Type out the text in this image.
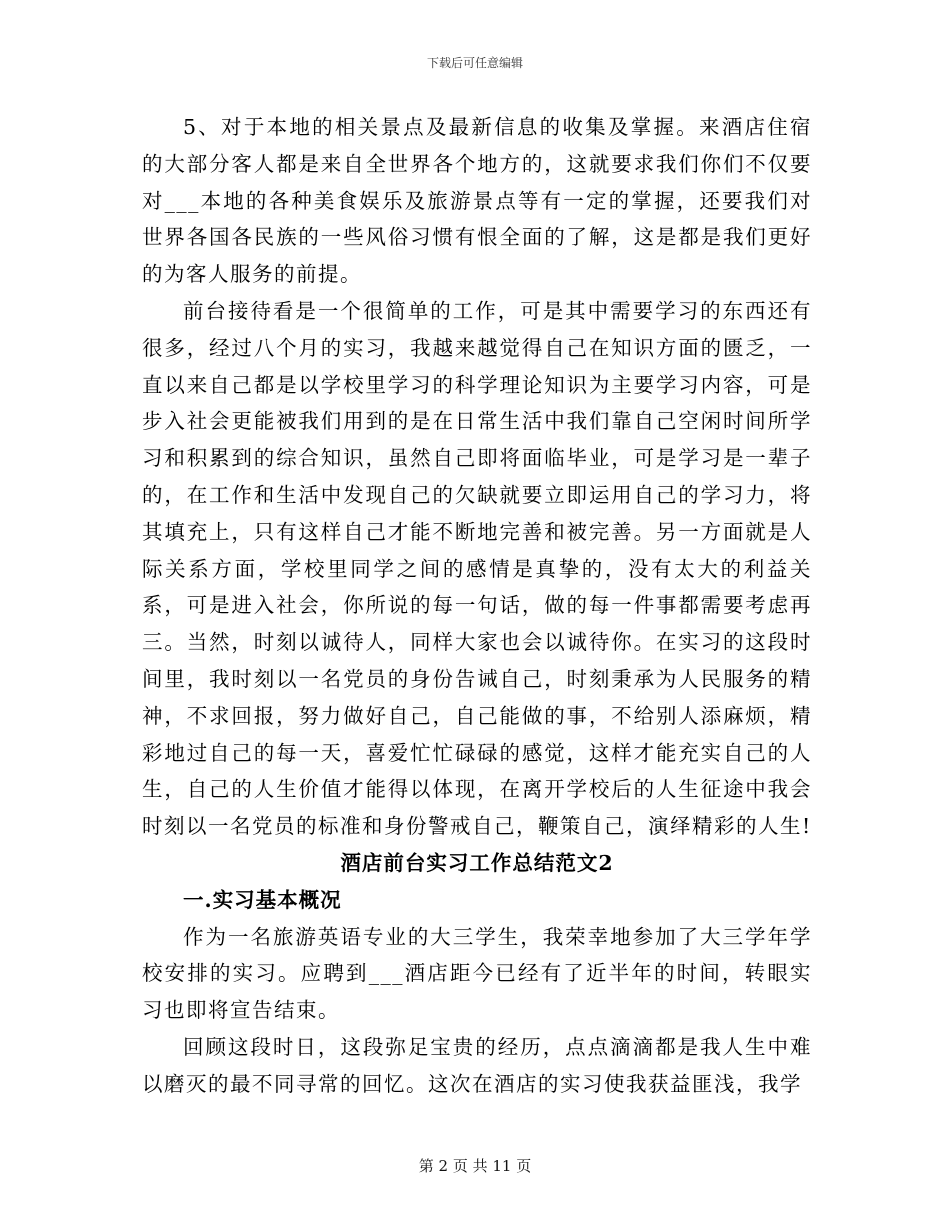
下载后可任意编辑

5、对于本地的相关景点及最新信息的收集及掌握。来酒店住宿的大部分客人都是来自全世界各个地方的，这就要求我们你们不仅要对___本地的各种美食娱乐及旅游景点等有一定的掌握，还要我们对世界各国各民族的一些风俗习惯有恨全面的了解，这是都是我们更好的为客人服务的前提。

前台接待看是一个很简单的工作，可是其中需要学习的东西还有很多，经过八个月的实习，我越来越觉得自己在知识方面的匮乏，一直以来自己都是以学校里学习的科学理论知识为主要学习内容，可是步入社会更能被我们用到的是在日常生活中我们靠自己空闲时间所学习和积累到的综合知识，虽然自己即将面临毕业，可是学习是一辈子的，在工作和生活中发现自己的欠缺就要立即运用自己的学习力，将其填充上，只有这样自己才能不断地完善和被完善。另一方面就是人际关系方面，学校里同学之间的感情是真挚的，没有太大的利益关系，可是进入社会，你所说的每一句话，做的每一件事都需要考虑再三。当然，时刻以诚待人，同样大家也会以诚待你。在实习的这段时间里，我时刻以一名党员的身份告诫自己，时刻秉承为人民服务的精神，不求回报，努力做好自己，自己能做的事，不给别人添麻烦，精彩地过自己的每一天，喜爱忙忙碌碌的感觉，这样才能充实自己的人生，自己的人生价值才能得以体现，在离开学校后的人生征途中我会时刻以一名党员的标准和身份警戒自己，鞭策自己，演绎精彩的人生!

酒店前台实习工作总结范文2

一.实习基本概况

作为一名旅游英语专业的大三学生，我荣幸地参加了大三学年学校安排的实习。应聘到___酒店距今已经有了近半年的时间，转眼实习也即将宣告结束。

回顾这段时日，这段弥足宝贵的经历，点点滴滴都是我人生中难以磨灭的最不同寻常的回忆。这次在酒店的实习使我获益匪浅，我学

第 2 页 共 11 页
